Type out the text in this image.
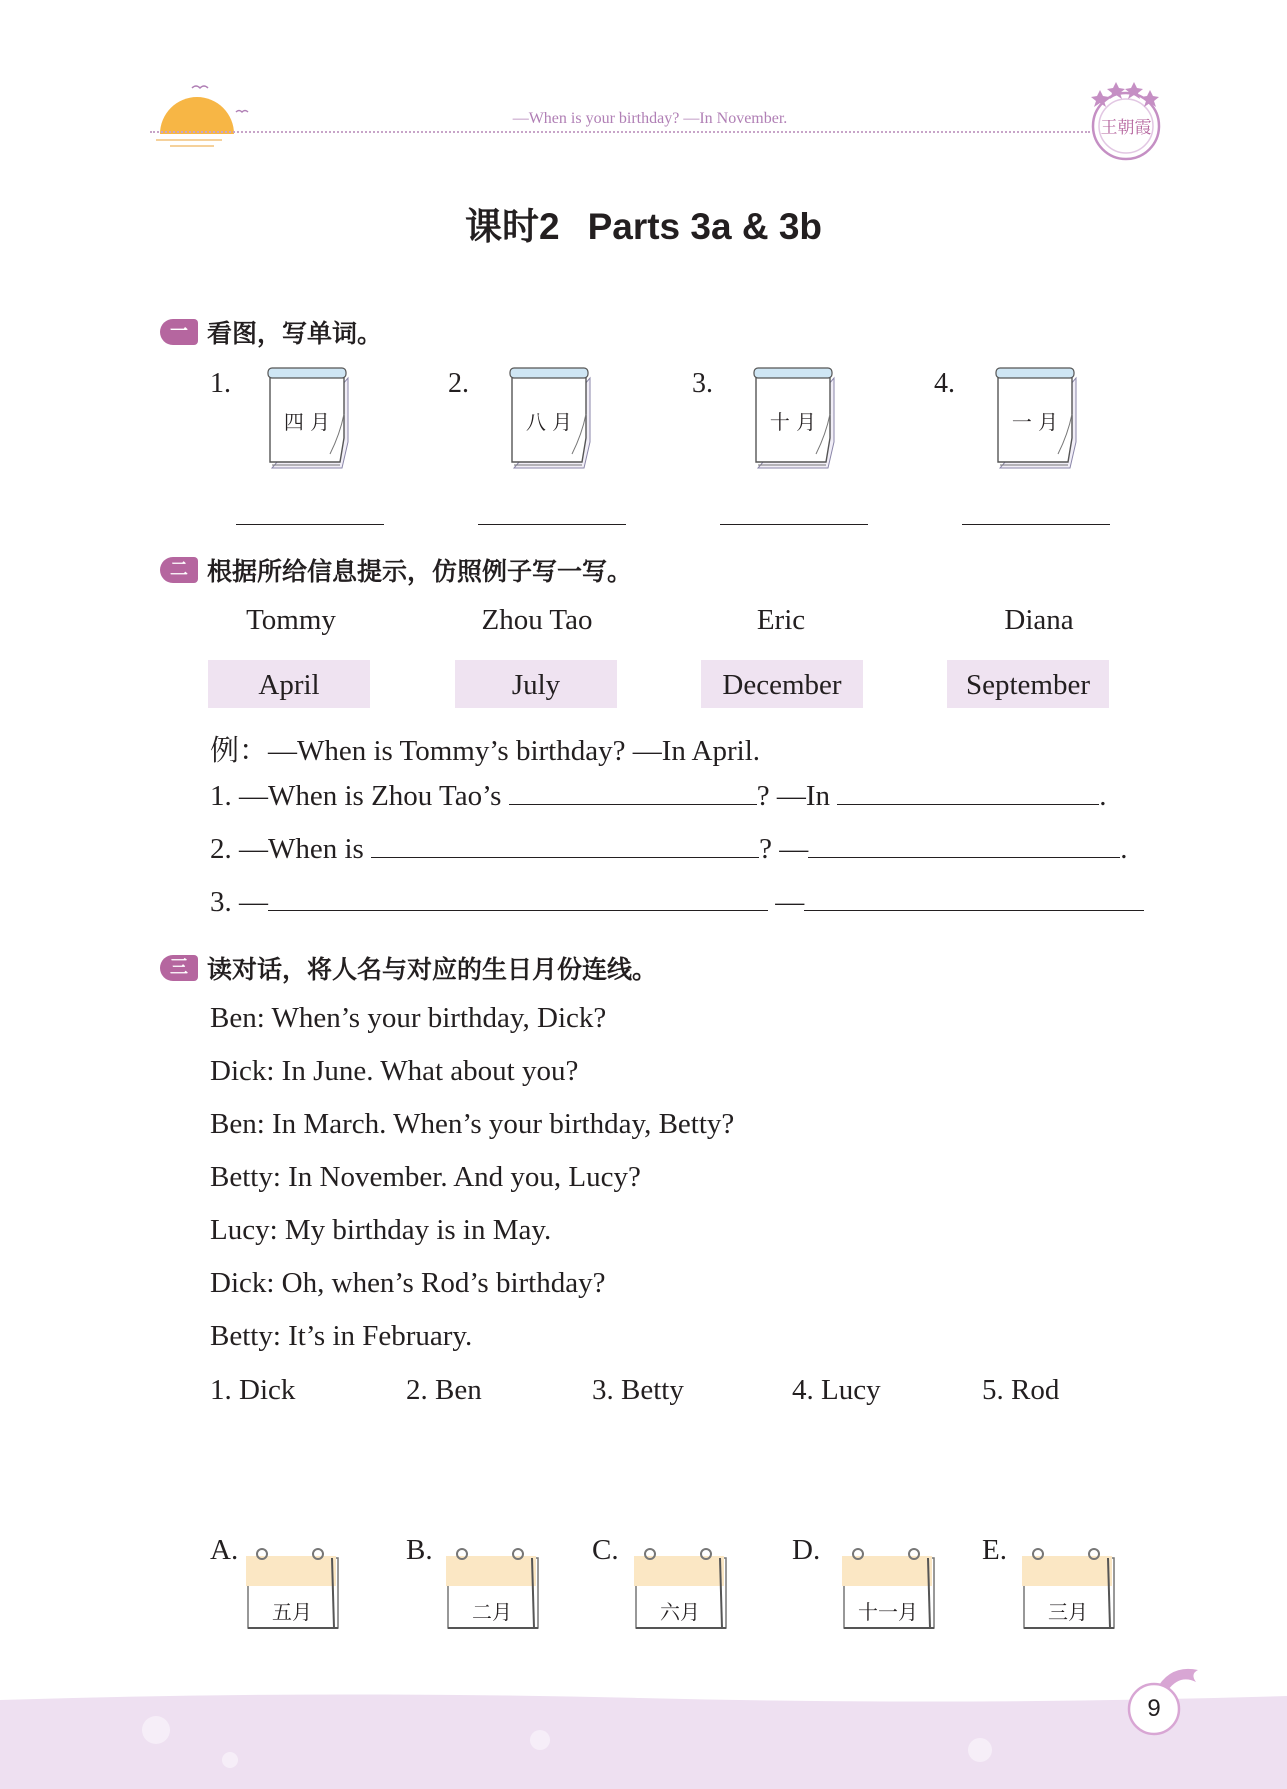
—When is your birthday? —In November.	王朝霞
课时2 Parts 3a & 3b
一 看图，写单词。
1.
四 月
2.
八 月
3.
十 月
4.
一 月
二 根据所给信息提示，仿照例子写一写。
Tommy	Zhou Tao	Eric	Diana
April	July	December	September
例：—When is Tommy’s birthday? —In April.
1. —When is Zhou Tao’s	? —In	.
2. —When is	? —	.
3. —	—
三 读对话，将人名与对应的生日月份连线。
Ben: When’s your birthday, Dick?
Dick: In June. What about you?
Ben: In March. When’s your birthday, Betty?
Betty: In November. And you, Lucy?
Lucy: My birthday is in May.
Dick: Oh, when’s Rod’s birthday?
Betty: It’s in February.
1. Dick	2. Ben	3. Betty	4. Lucy	5. Rod
A.
五月
B.
二月
C.
六月
D.
十一月
E.
三月
9
